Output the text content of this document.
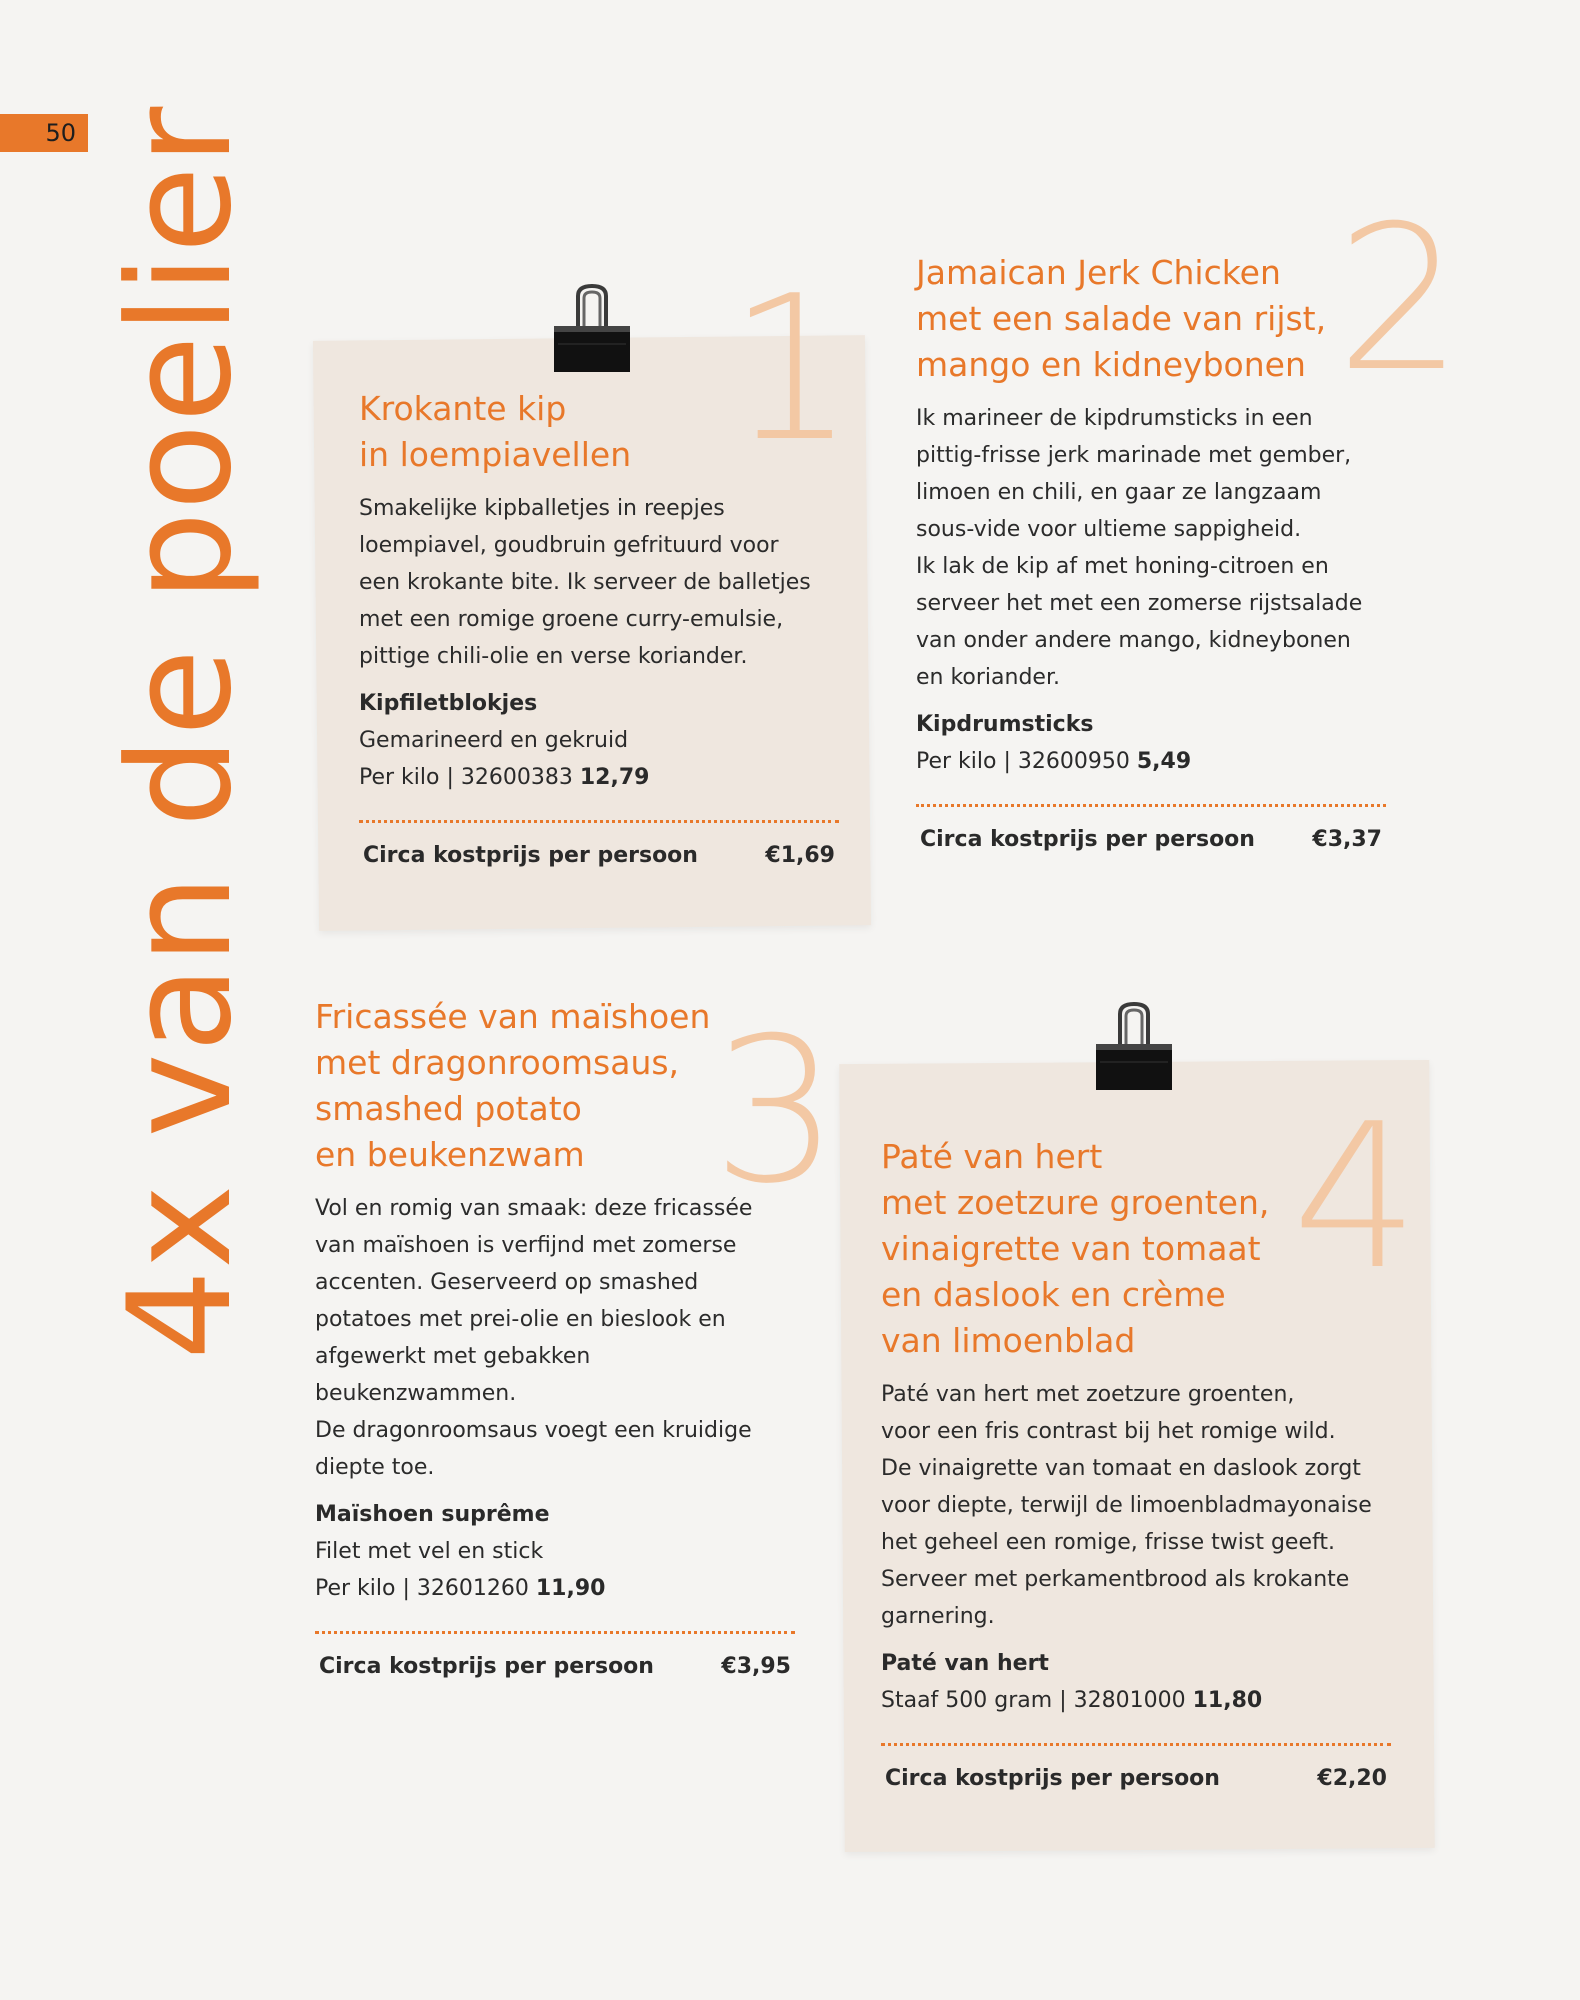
50 4x van de poelier 1 2
3 4
Krokante kip
in loempiavellen

Smakelijke kipballetjes in reepjes
loempiavel, goudbruin gefrituurd voor
een krokante bite. Ik serveer de balletjes
met een romige groene curry-emulsie,
pittige chili-olie en verse koriander.

Kipfiletblokjes

Gemarineerd en gekruid

Per kilo | 32600383 12,79

Circa kostprijs per persoon	€1,69
Jamaican Jerk Chicken
met een salade van rijst,
mango en kidneybonen

Ik marineer de kipdrumsticks in een
pittig-frisse jerk marinade met gember,
limoen en chili, en gaar ze langzaam
sous-vide voor ultieme sappigheid.
Ik lak de kip af met honing-citroen en
serveer het met een zomerse rijstsalade
van onder andere mango, kidneybonen
en koriander.

Kipdrumsticks

Per kilo | 32600950 5,49

Circa kostprijs per persoon	€3,37
Fricassée van maïshoen
met dragonroomsaus,
smashed potato
en beukenzwam

Vol en romig van smaak: deze fricassée
van maïshoen is verfijnd met zomerse
accenten. Geserveerd op smashed
potatoes met prei-olie en bieslook en
afgewerkt met gebakken beukenzwammen.
De dragonroomsaus voegt een kruidige
diepte toe.

Maïshoen suprême

Filet met vel en stick

Per kilo | 32601260 11,90

Circa kostprijs per persoon	€3,95
Paté van hert
met zoetzure groenten,
vinaigrette van tomaat
en daslook en crème
van limoenblad

Paté van hert met zoetzure groenten,
voor een fris contrast bij het romige wild.
De vinaigrette van tomaat en daslook zorgt
voor diepte, terwijl de limoenbladmayonaise
het geheel een romige, frisse twist geeft.
Serveer met perkamentbrood als krokante
garnering.

Paté van hert

Staaf 500 gram | 32801000 11,80

Circa kostprijs per persoon	€2,20
